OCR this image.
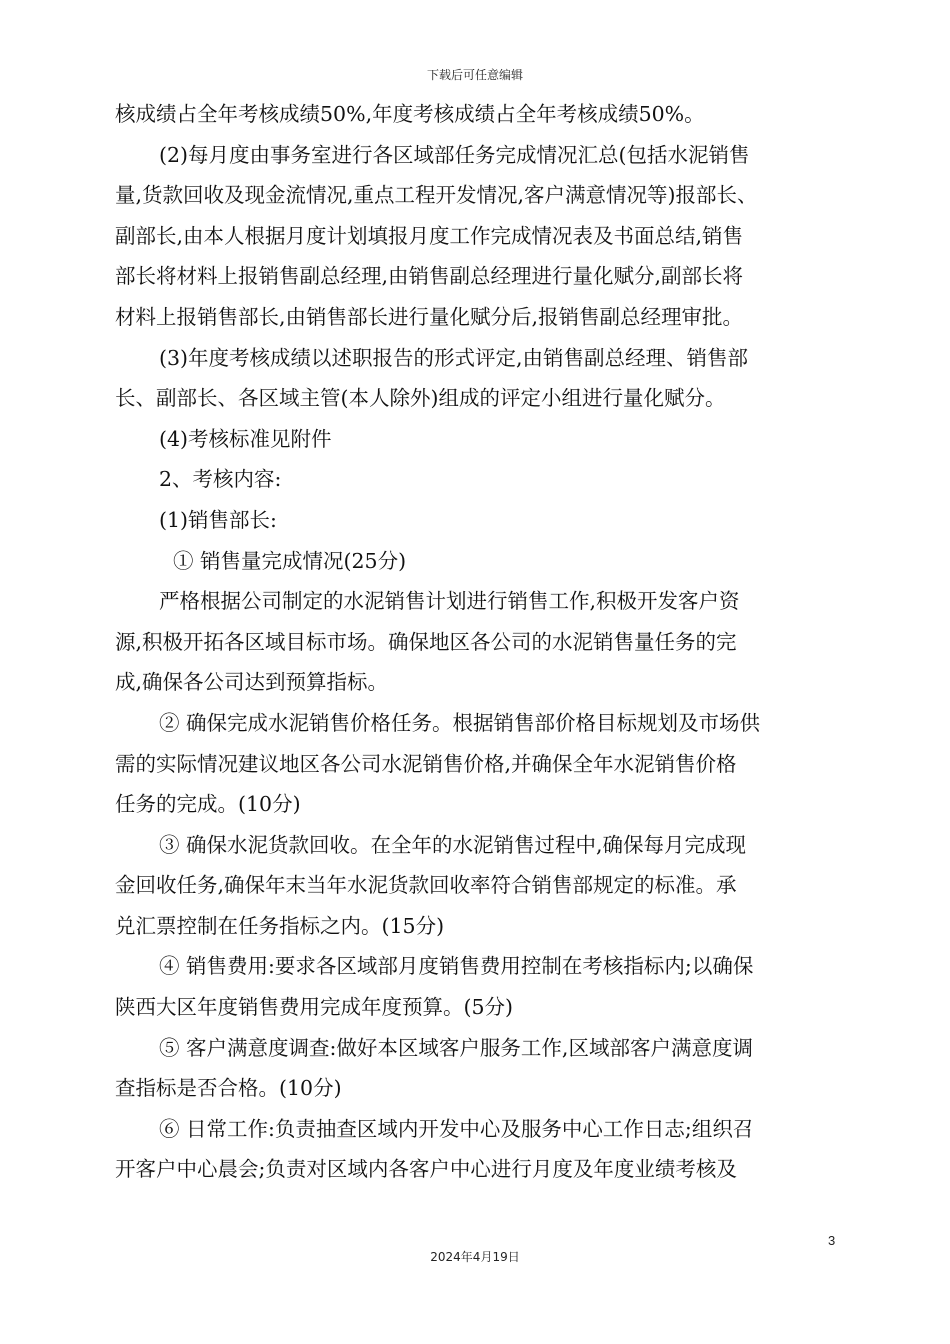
下载后可任意编辑
核成绩占全年考核成绩50%,年度考核成绩占全年考核成绩50%。
(2)每月度由事务室进行各区域部任务完成情况汇总(包括水泥销售
量,货款回收及现金流情况,重点工程开发情况,客户满意情况等)报部长、
副部长,由本人根据月度计划填报月度工作完成情况表及书面总结,销售
部长将材料上报销售副总经理,由销售副总经理进行量化赋分,副部长将
材料上报销售部长,由销售部长进行量化赋分后,报销售副总经理审批。
(3)年度考核成绩以述职报告的形式评定,由销售副总经理、销售部
长、副部长、各区域主管(本人除外)组成的评定小组进行量化赋分。
(4)考核标准见附件
2、考核内容:
(1)销售部长:
① 销售量完成情况(25分)
严格根据公司制定的水泥销售计划进行销售工作,积极开发客户资
源,积极开拓各区域目标市场。确保地区各公司的水泥销售量任务的完
成,确保各公司达到预算指标。
② 确保完成水泥销售价格任务。根据销售部价格目标规划及市场供
需的实际情况建议地区各公司水泥销售价格,并确保全年水泥销售价格
任务的完成。(10分)
③ 确保水泥货款回收。在全年的水泥销售过程中,确保每月完成现
金回收任务,确保年末当年水泥货款回收率符合销售部规定的标准。承
兑汇票控制在任务指标之内。(15分)
④ 销售费用:要求各区域部月度销售费用控制在考核指标内;以确保
陕西大区年度销售费用完成年度预算。(5分)
⑤ 客户满意度调查:做好本区域客户服务工作,区域部客户满意度调
查指标是否合格。(10分)
⑥ 日常工作:负责抽查区域内开发中心及服务中心工作日志;组织召
开客户中心晨会;负责对区域内各客户中心进行月度及年度业绩考核及
3
2024年4月19日
